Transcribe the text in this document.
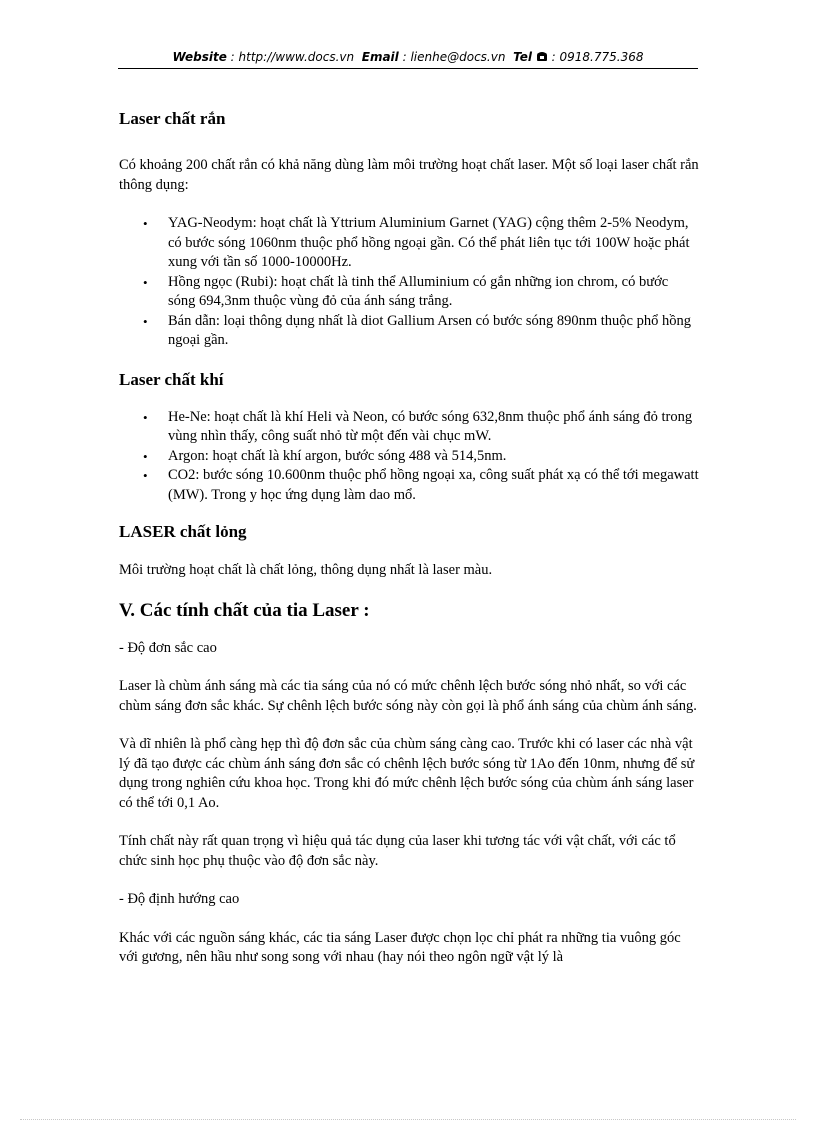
Website : http://www.docs.vn Email : lienhe@docs.vn Tel : 0918.775.368
Laser chất rắn

Có khoảng 200 chất rắn có khả năng dùng làm môi trường hoạt chất laser. Một số loại laser chất rắn thông dụng:

• YAG-Neodym: hoạt chất là Yttrium Aluminium Garnet (YAG) cộng thêm 2-5% Neodym, có bước sóng 1060nm thuộc phổ hồng ngoại gần. Có thể phát liên tục tới 100W hoặc phát xung với tần số 1000-10000Hz.
• Hồng ngọc (Rubi): hoạt chất là tinh thể Alluminium có gắn những ion chrom, có bước sóng 694,3nm thuộc vùng đỏ của ánh sáng trắng.
• Bán dẫn: loại thông dụng nhất là diot Gallium Arsen có bước sóng 890nm thuộc phổ hồng ngoại gần.
Laser chất khí
• He-Ne: hoạt chất là khí Heli và Neon, có bước sóng 632,8nm thuộc phổ ánh sáng đỏ trong vùng nhìn thấy, công suất nhỏ từ một đến vài chục mW.
• Argon: hoạt chất là khí argon, bước sóng 488 và 514,5nm.
• CO2: bước sóng 10.600nm thuộc phổ hồng ngoại xa, công suất phát xạ có thể tới megawatt (MW). Trong y học ứng dụng làm dao mổ.
LASER chất lỏng

Môi trường hoạt chất là chất lỏng, thông dụng nhất là laser màu.

V. Các tính chất của tia Laser :

- Độ đơn sắc cao

Laser là chùm ánh sáng mà các tia sáng của nó có mức chênh lệch bước sóng nhỏ nhất, so với các chùm sáng đơn sắc khác. Sự chênh lệch bước sóng này còn gọi là phổ ánh sáng của chùm ánh sáng.

Và dĩ nhiên là phổ càng hẹp thì độ đơn sắc của chùm sáng càng cao. Trước khi có laser các nhà vật lý đã tạo được các chùm ánh sáng đơn sắc có chênh lệch bước sóng từ 1Ao đến 10nm, nhưng để sử dụng trong nghiên cứu khoa học. Trong khi đó mức chênh lệch bước sóng của chùm ánh sáng laser có thể tới 0,1 Ao.

Tính chất này rất quan trọng vì hiệu quả tác dụng của laser khi tương tác với vật chất, với các tổ chức sinh học phụ thuộc vào độ đơn sắc này.

- Độ định hướng cao

Khác với các nguồn sáng khác, các tia sáng Laser được chọn lọc chỉ phát ra những tia vuông góc với gương, nên hầu như song song với nhau (hay nói theo ngôn ngữ vật lý là
